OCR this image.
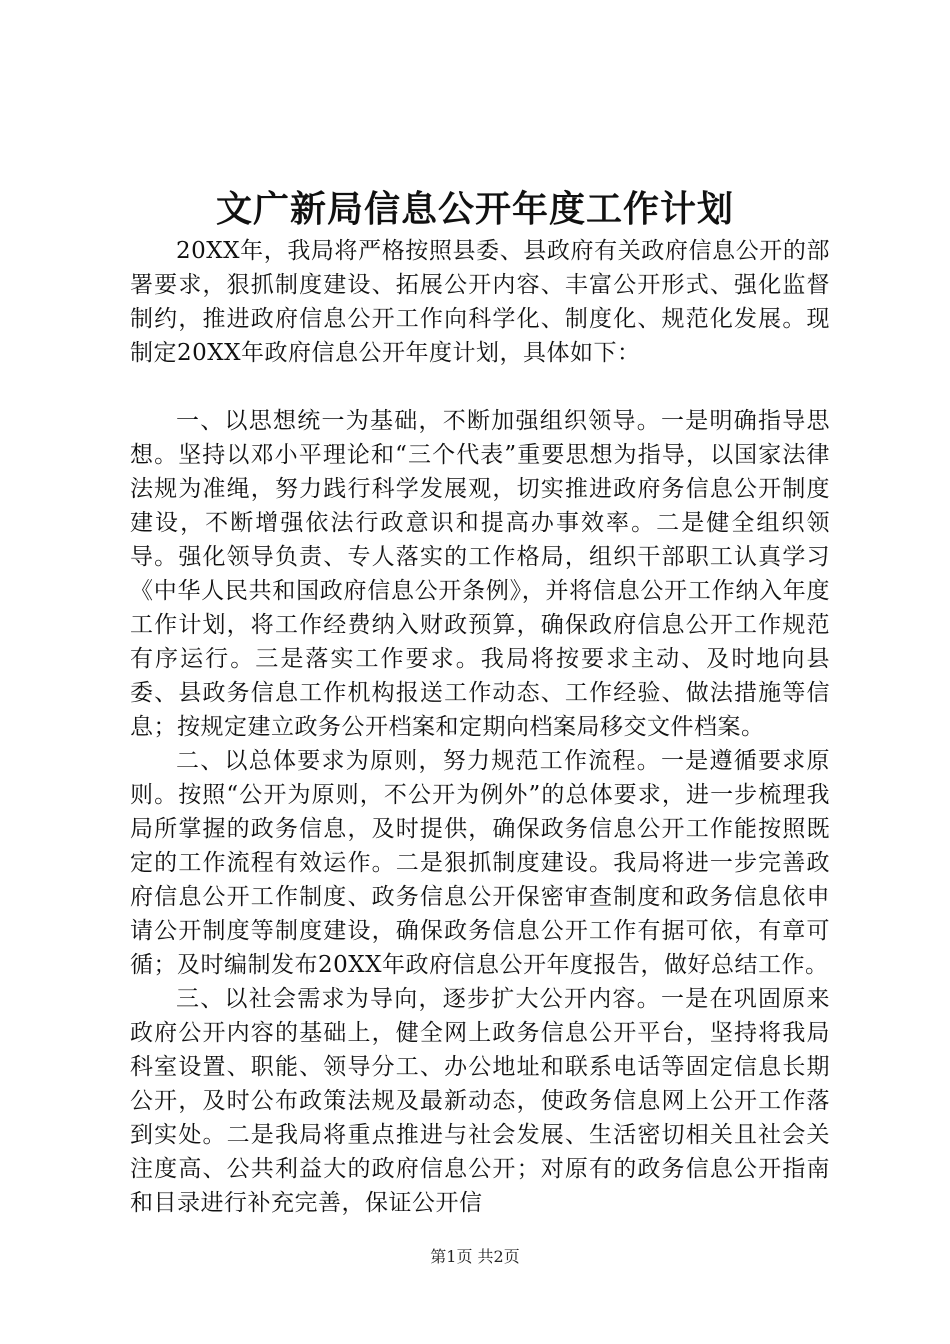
文广新局信息公开年度工作计划

20XX年，我局将严格按照县委、县政府有关政府信息公开的部署要求，狠抓制度建设、拓展公开内容、丰富公开形式、强化监督制约，推进政府信息公开工作向科学化、制度化、规范化发展。现制定20XX年政府信息公开年度计划，具体如下：

一、以思想统一为基础，不断加强组织领导。一是明确指导思想。坚持以邓小平理论和“三个代表”重要思想为指导，以国家法律法规为准绳，努力践行科学发展观，切实推进政府务信息公开制度建设，不断增强依法行政意识和提高办事效率。二是健全组织领导。强化领导负责、专人落实的工作格局，组织干部职工认真学习《中华人民共和国政府信息公开条例》，并将信息公开工作纳入年度工作计划，将工作经费纳入财政预算，确保政府信息公开工作规范有序运行。三是落实工作要求。我局将按要求主动、及时地向县委、县政务信息工作机构报送工作动态、工作经验、做法措施等信息；按规定建立政务公开档案和定期向档案局移交文件档案。

二、以总体要求为原则，努力规范工作流程。一是遵循要求原则。按照“公开为原则，不公开为例外”的总体要求，进一步梳理我局所掌握的政务信息，及时提供，确保政务信息公开工作能按照既定的工作流程有效运作。二是狠抓制度建设。我局将进一步完善政府信息公开工作制度、政务信息公开保密审查制度和政务信息依申请公开制度等制度建设，确保政务信息公开工作有据可依，有章可循；及时编制发布20XX年政府信息公开年度报告，做好总结工作。

三、以社会需求为导向，逐步扩大公开内容。一是在巩固原来政府公开内容的基础上，健全网上政务信息公开平台，坚持将我局科室设置、职能、领导分工、办公地址和联系电话等固定信息长期公开，及时公布政策法规及最新动态，使政务信息网上公开工作落到实处。二是我局将重点推进与社会发展、生活密切相关且社会关注度高、公共利益大的政府信息公开；对原有的政务信息公开指南和目录进行补充完善，保证公开信

第1页 共2页
